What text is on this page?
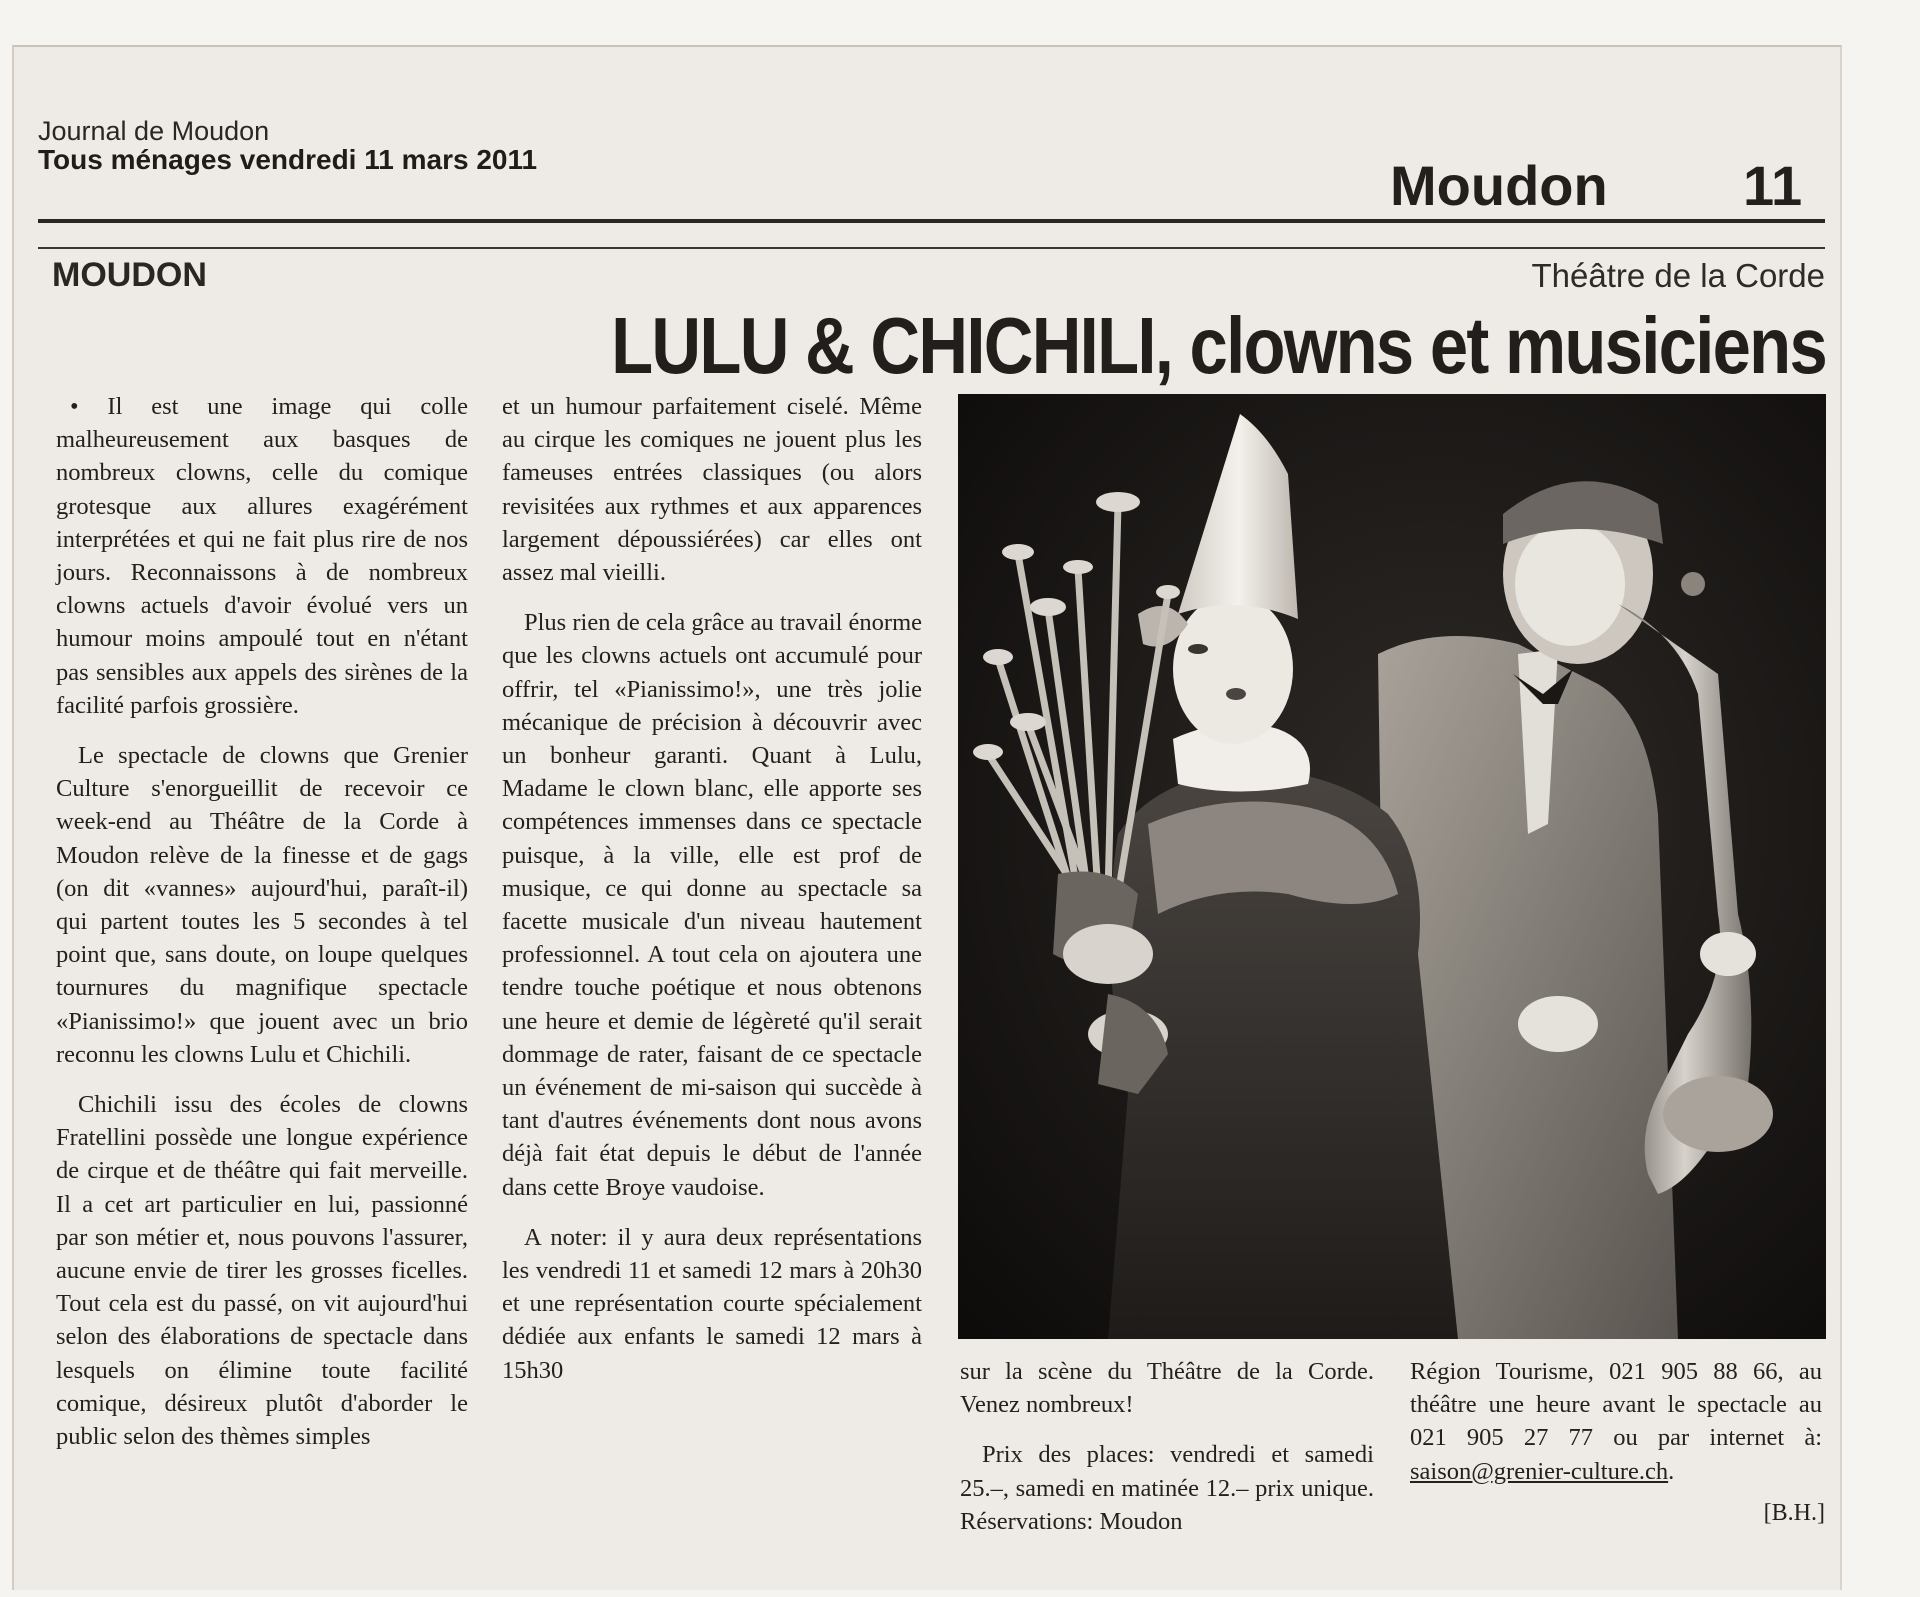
Journal de Moudon
Tous ménages vendredi 11 mars 2011	Moudon 11
MOUDON	Théâtre de la Corde
LULU & CHICHILI, clowns et musiciens

• Il est une image qui colle malheureusement aux basques de nombreux clowns, celle du comique grotesque aux allures exagérément interprétées et qui ne fait plus rire de nos jours. Reconnaissons à de nombreux clowns actuels d'avoir évolué vers un humour moins ampoulé tout en n'étant pas sensibles aux appels des sirènes de la facilité parfois grossière.

Le spectacle de clowns que Grenier Culture s'enorgueillit de recevoir ce week-end au Théâtre de la Corde à Moudon relève de la finesse et de gags (on dit «vannes» aujourd'hui, paraît-il) qui partent toutes les 5 secondes à tel point que, sans doute, on loupe quelques tournures du magnifique spectacle «Pianissimo!» que jouent avec un brio reconnu les clowns Lulu et Chichili.

Chichili issu des écoles de clowns Fratellini possède une longue expérience de cirque et de théâtre qui fait merveille. Il a cet art particulier en lui, passionné par son métier et, nous pouvons l'assurer, aucune envie de tirer les grosses ficelles. Tout cela est du passé, on vit aujourd'hui selon des élaborations de spectacle dans lesquels on élimine toute facilité comique, désireux plutôt d'aborder le public selon des thèmes simples

et un humour parfaitement ciselé. Même au cirque les comiques ne jouent plus les fameuses entrées classiques (ou alors revisitées aux rythmes et aux apparences largement dépoussiérées) car elles ont assez mal vieilli.

Plus rien de cela grâce au travail énorme que les clowns actuels ont accumulé pour offrir, tel «Pianissimo!», une très jolie mécanique de précision à découvrir avec un bonheur garanti. Quant à Lulu, Madame le clown blanc, elle apporte ses compétences immenses dans ce spectacle puisque, à la ville, elle est prof de musique, ce qui donne au spectacle sa facette musicale d'un niveau hautement professionnel. A tout cela on ajoutera une tendre touche poétique et nous obtenons une heure et demie de légèreté qu'il serait dommage de rater, faisant de ce spectacle un événement de mi-saison qui succède à tant d'autres événements dont nous avons déjà fait état depuis le début de l'année dans cette Broye vaudoise.

A noter: il y aura deux représentations les vendredi 11 et samedi 12 mars à 20h30 et une représentation courte spécialement dédiée aux enfants le samedi 12 mars à 15h30	sur la scène du Théâtre de la Corde. Venez nombreux!

Prix des places: vendredi et samedi 25.–, samedi en matinée 12.– prix unique. Réservations: Moudon

Région Tourisme, 021 905 88 66, au théâtre une heure avant le spectacle au 021 905 27 77 ou par internet à: saison@grenier-culture.ch.

[B.H.]
